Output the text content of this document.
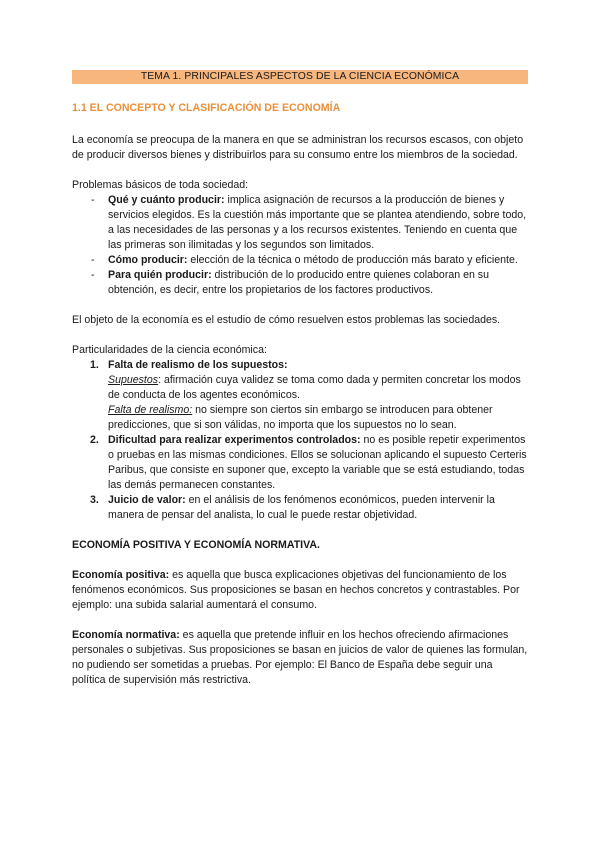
TEMA 1. PRINCIPALES ASPECTOS DE LA CIENCIA ECONÓMICA
1.1 EL CONCEPTO Y CLASIFICACIÓN DE ECONOMÍA

La economía se preocupa de la manera en que se administran los recursos escasos, con objeto de producir diversos bienes y distribuirlos para su consumo entre los miembros de la sociedad.

Problemas básicos de toda sociedad:

- Qué y cuánto producir: implica asignación de recursos a la producción de bienes y servicios elegidos. Es la cuestión más importante que se plantea atendiendo, sobre todo, a las necesidades de las personas y a los recursos existentes. Teniendo en cuenta que las primeras son ilimitadas y los segundos son limitados.
- Cómo producir: elección de la técnica o método de producción más barato y eficiente.
- Para quién producir: distribución de lo producido entre quienes colaboran en su obtención, es decir, entre los propietarios de los factores productivos.

El objeto de la economía es el estudio de cómo resuelven estos problemas las sociedades.

Particularidades de la ciencia económica:

1. Falta de realismo de los supuestos:
Supuestos: afirmación cuya validez se toma como dada y permiten concretar los modos de conducta de los agentes económicos.
Falta de realismo: no siempre son ciertos sin embargo se introducen para obtener predicciones, que si son válidas, no importa que los supuestos no lo sean.
2. Dificultad para realizar experimentos controlados: no es posible repetir experimentos o pruebas en las mismas condiciones. Ellos se solucionan aplicando el supuesto Certeris Paribus, que consiste en suponer que, excepto la variable que se está estudiando, todas las demás permanecen constantes.
3. Juicio de valor: en el análisis de los fenómenos económicos, pueden intervenir la manera de pensar del analista, lo cual le puede restar objetividad.

ECONOMÍA POSITIVA Y ECONOMÍA NORMATIVA.

Economía positiva: es aquella que busca explicaciones objetivas del funcionamiento de los fenómenos económicos. Sus proposiciones se basan en hechos concretos y contrastables. Por ejemplo: una subida salarial aumentará el consumo.

Economía normativa: es aquella que pretende influir en los hechos ofreciendo afirmaciones personales o subjetivas. Sus proposiciones se basan en juicios de valor de quienes las formulan, no pudiendo ser sometidas a pruebas. Por ejemplo: El Banco de España debe seguir una política de supervisión más restrictiva.
